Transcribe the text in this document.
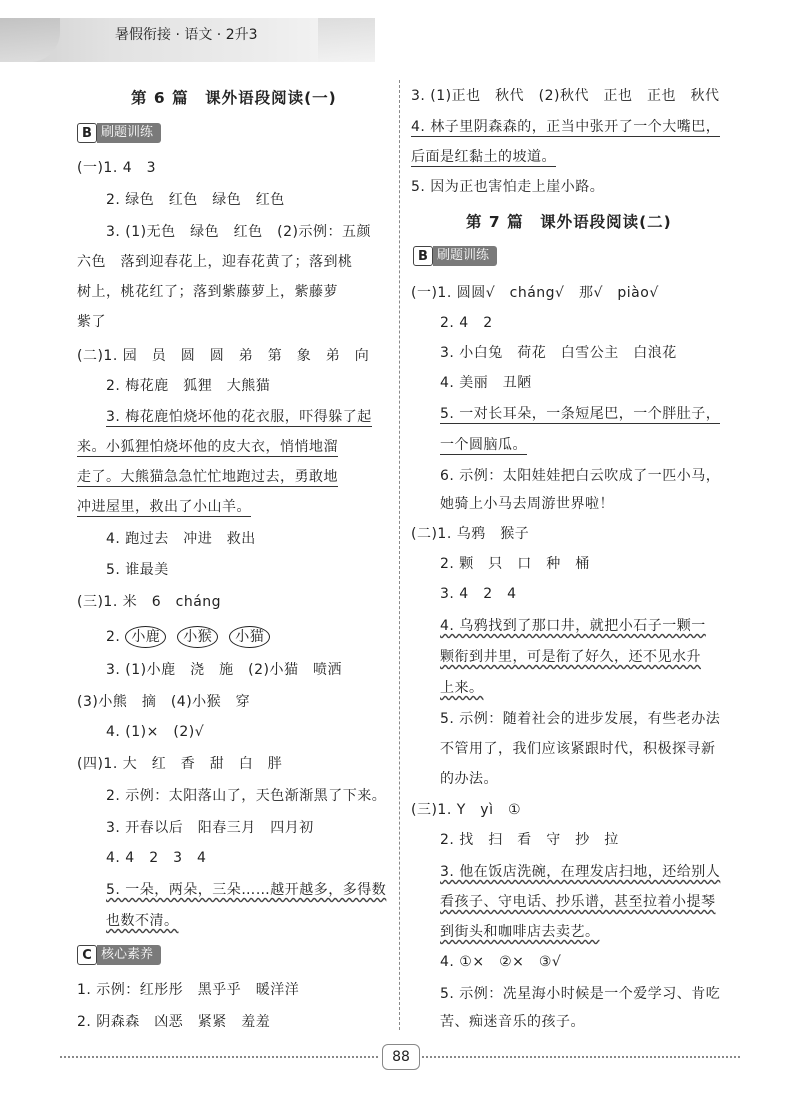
暑假衔接 · 语文 · 2升3
第 6 篇　课外语段阅读(一)
B 刷题训练
(一)1. 4　3
2. 绿色　红色　绿色　红色
3. (1)无色　绿色　红色　(2)示例：五颜
六色　落到迎春花上，迎春花黄了；落到桃
树上，桃花红了；落到紫藤萝上，紫藤萝
紫了
(二)1. 园　员　圆　圆　弟　第　象　弟　向
2. 梅花鹿　狐狸　大熊猫
3. 梅花鹿怕烧坏他的花衣服，吓得躲了起
来。小狐狸怕烧坏他的皮大衣，悄悄地溜
走了。大熊猫急急忙忙地跑过去，勇敢地
冲进屋里，救出了小山羊。
4. 跑过去　冲进　救出
5. 谁最美
(三)1. 米　6　cháng
2. 小鹿 小猴 小猫
3. (1)小鹿　浇　施　(2)小猫　喷洒
(3)小熊　摘　(4)小猴　穿
4. (1)×　(2)√
(四)1. 大　红　香　甜　白　胖
2. 示例：太阳落山了，天色渐渐黑了下来。
3. 开春以后　阳春三月　四月初
4. 4　2　3　4
5. 一朵，两朵，三朵……越开越多，多得数
也数不清。
C 核心素养
1. 示例：红彤彤　黑乎乎　暖洋洋
2. 阴森森　凶恶　紧紧　羞羞
3. (1)正也　秋代　(2)秋代　正也　正也　秋代
4. 林子里阴森森的，正当中张开了一个大嘴巴，
后面是红黏土的坡道。
5. 因为正也害怕走上崖小路。
第 7 篇　课外语段阅读(二)
B 刷题训练
(一)1. 圆圆√　cháng√　那√　piào√
2. 4　2
3. 小白兔　荷花　白雪公主　白浪花
4. 美丽　丑陋
5. 一对长耳朵，一条短尾巴，一个胖肚子，
一个圆脑瓜。
6. 示例：太阳娃娃把白云吹成了一匹小马，
她骑上小马去周游世界啦！
(二)1. 乌鸦　猴子
2. 颗　只　口　种　桶
3. 4　2　4
4. 乌鸦找到了那口井，就把小石子一颗一
颗衔到井里，可是衔了好久，还不见水升
上来。
5. 示例：随着社会的进步发展，有些老办法
不管用了，我们应该紧跟时代，积极探寻新
的办法。
(三)1. Y　yì　①
2. 找　扫　看　守　抄　拉
3. 他在饭店洗碗，在理发店扫地，还给别人
看孩子、守电话、抄乐谱，甚至拉着小提琴
到街头和咖啡店去卖艺。
4. ①×　②×　③√
5. 示例：冼星海小时候是一个爱学习、肯吃
苦、痴迷音乐的孩子。
88
